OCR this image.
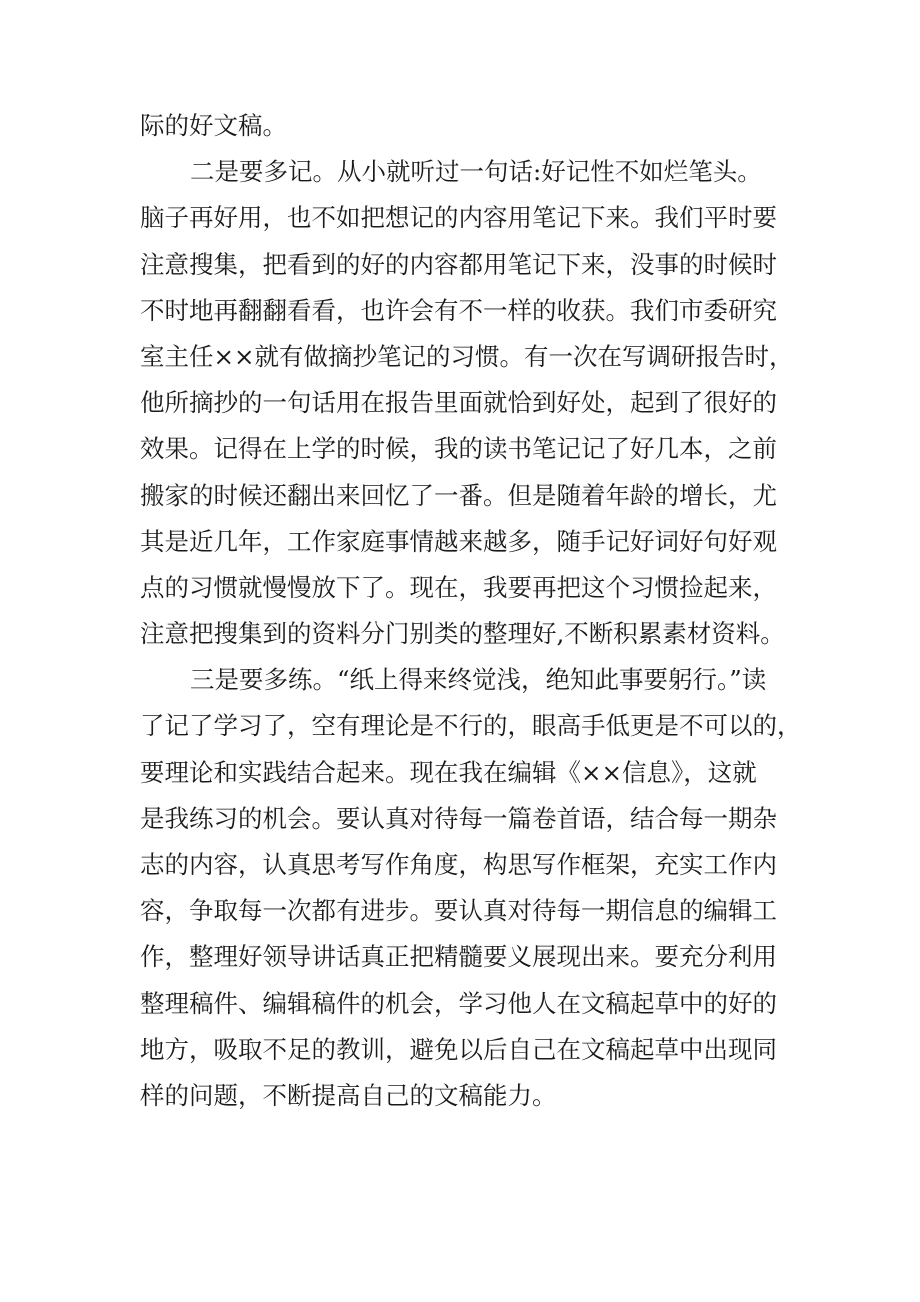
际的好文稿。
二是要多记。从小就听过一句话:好记性不如烂笔头。
脑子再好用，也不如把想记的内容用笔记下来。我们平时要
注意搜集，把看到的好的内容都用笔记下来，没事的时候时
不时地再翻翻看看，也许会有不一样的收获。我们市委研究
室主任××就有做摘抄笔记的习惯。有一次在写调研报告时，
他所摘抄的一句话用在报告里面就恰到好处，起到了很好的
效果。记得在上学的时候，我的读书笔记记了好几本，之前
搬家的时候还翻出来回忆了一番。但是随着年龄的增长，尤
其是近几年，工作家庭事情越来越多，随手记好词好句好观
点的习惯就慢慢放下了。现在，我要再把这个习惯捡起来，
注意把搜集到的资料分门别类的整理好,不断积累素材资料。
三是要多练。“纸上得来终觉浅，绝知此事要躬行。”读
了记了学习了，空有理论是不行的，眼高手低更是不可以的，
要理论和实践结合起来。现在我在编辑《××信息》，这就
是我练习的机会。要认真对待每一篇卷首语，结合每一期杂
志的内容，认真思考写作角度，构思写作框架，充实工作内
容，争取每一次都有进步。要认真对待每一期信息的编辑工
作，整理好领导讲话真正把精髓要义展现出来。要充分利用
整理稿件、编辑稿件的机会，学习他人在文稿起草中的好的
地方，吸取不足的教训，避免以后自己在文稿起草中出现同
样的问题，不断提高自己的文稿能力。
